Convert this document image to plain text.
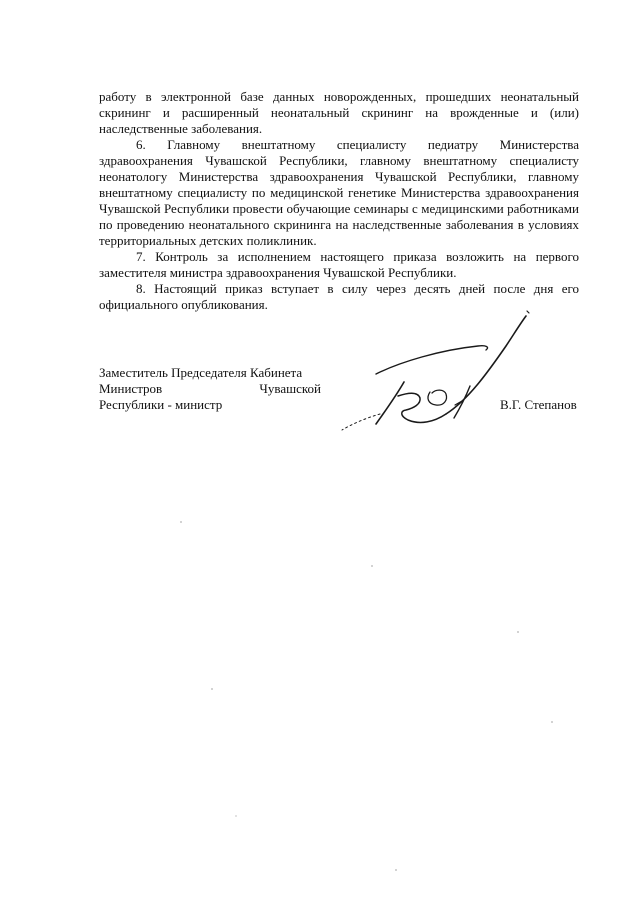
работу в электронной базе данных новорожденных, прошедших неонатальный скрининг и расширенный неонатальный скрининг на врожденные и (или) наследственные заболевания.

6. Главному внештатному специалисту педиатру Министерства здравоохранения Чувашской Республики, главному внештатному специалисту неонатологу Министерства здравоохранения Чувашской Республики, главному внештатному специалисту по медицинской генетике Министерства здравоохранения Чувашской Республики провести обучающие семинары с медицинскими работниками по проведению неонатального скрининга на наследственные заболевания в условиях территориальных детских поликлиник.

7. Контроль за исполнением настоящего приказа возложить на первого заместителя министра здравоохранения Чувашской Республики.

8. Настоящий приказ вступает в силу через десять дней после дня его официального опубликования.

Заместитель Председателя Кабинета
Министров	Чувашской
Республики - министр	В.Г. Степанов
